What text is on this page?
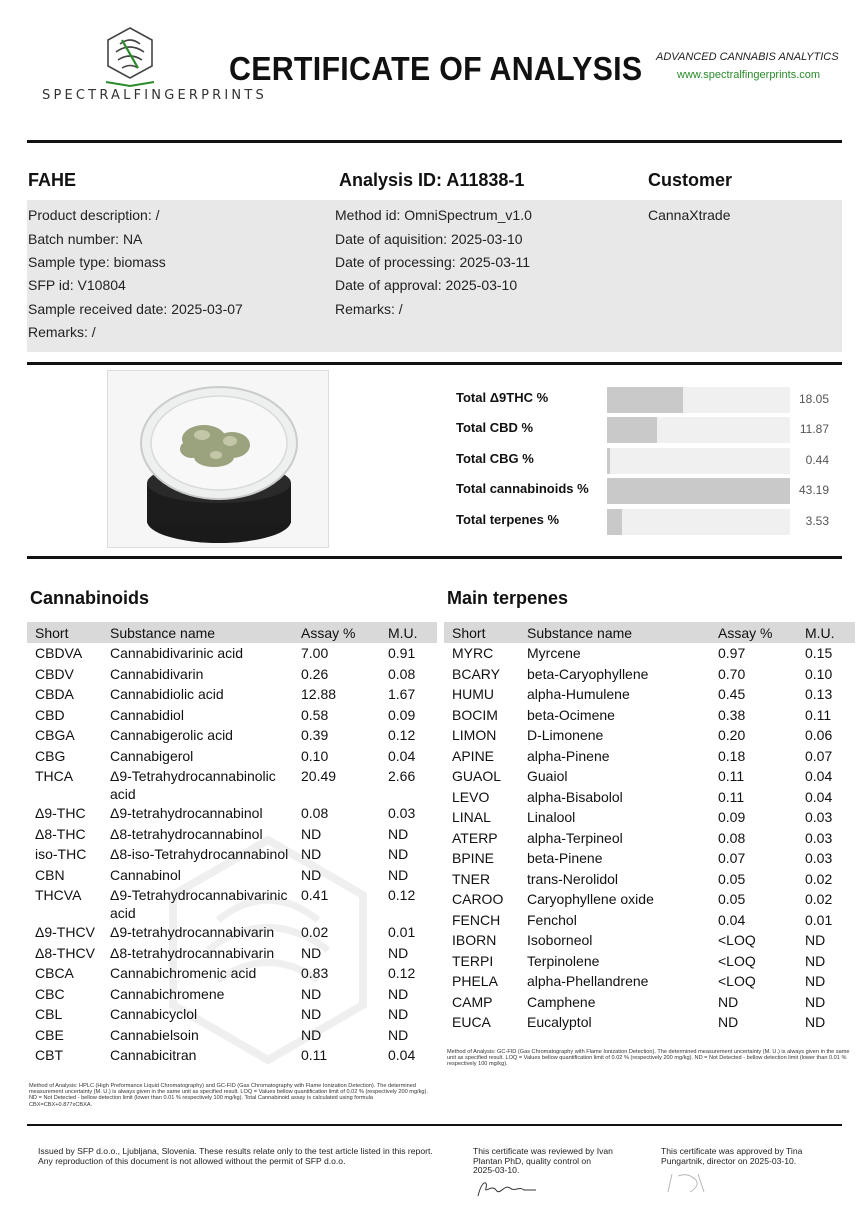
SPECTRALFINGERPRINTS
CERTIFICATE OF ANALYSIS ADVANCED CANNABIS ANALYTICS
www.spectralfingerprints.com
FAHE	Analysis ID: A11838-1	Customer
Product description: /
Batch number: NA
Sample type: biomass
SFP id: V10804
Sample received date: 2025-03-07
Remarks: /
Method id: OmniSpectrum_v1.0
Date of aquisition: 2025-03-10
Date of processing: 2025-03-11
Date of approval: 2025-03-10
Remarks: /
CannaXtrade
Total Δ9THC %	18.05
Total CBD %	11.87
Total CBG %	0.44
Total cannabinoids %	43.19
Total terpenes %	3.53
Cannabinoids
Short	Substance name	Assay %	M.U.
CBDVA	Cannabidivarinic acid	7.00	0.91
CBDV	Cannabidivarin	0.26	0.08
CBDA	Cannabidiolic acid	12.88	1.67
CBD	Cannabidiol	0.58	0.09
CBGA	Cannabigerolic acid	0.39	0.12
CBG	Cannabigerol	0.10	0.04
THCA	Δ9-Tetrahydrocannabinolic acid	20.49	2.66
Δ9-THC	Δ9-tetrahydrocannabinol	0.08	0.03
Δ8-THC	Δ8-tetrahydrocannabinol	ND	ND
iso-THC	Δ8-iso-Tetrahydrocannabinol	ND	ND
CBN	Cannabinol	ND	ND
THCVA	Δ9-Tetrahydrocannabivarinic acid	0.41	0.12
Δ9-THCV	Δ9-tetrahydrocannabivarin	0.02	0.01
Δ8-THCV	Δ8-tetrahydrocannabivarin	ND	ND
CBCA	Cannabichromenic acid	0.83	0.12
CBC	Cannabichromene	ND	ND
CBL	Cannabicyclol	ND	ND
CBE	Cannabielsoin	ND	ND
CBT	Cannabicitran	0.11	0.04
Method of Analysis: HPLC (High Preformance Liquid Chromatography) and GC-FID (Gas Chromatography with Flame Ionization Detection). The determined measurement uncertainty (M. U.) is always given in the same unit as specified result. LOQ = Values bellow quantification limit of 0.02 % (respectively 200 mg/kg). ND = Not Detected - bellow detection limit (lower than 0.01 % respectively 100 mg/kg). Total Cannabinoid assay is calculated using formula CBX=CBX+0.877xCBXA.
Main terpenes
Short	Substance name	Assay %	M.U.
MYRC	Myrcene	0.97	0.15
BCARY	beta-Caryophyllene	0.70	0.10
HUMU	alpha-Humulene	0.45	0.13
BOCIM	beta-Ocimene	0.38	0.11
LIMON	D-Limonene	0.20	0.06
APINE	alpha-Pinene	0.18	0.07
GUAOL	Guaiol	0.11	0.04
LEVO	alpha-Bisabolol	0.11	0.04
LINAL	Linalool	0.09	0.03
ATERP	alpha-Terpineol	0.08	0.03
BPINE	beta-Pinene	0.07	0.03
TNER	trans-Nerolidol	0.05	0.02
CAROO	Caryophyllene oxide	0.05	0.02
FENCH	Fenchol	0.04	0.01
IBORN	Isoborneol	<LOQ	ND
TERPI	Terpinolene	<LOQ	ND
PHELA	alpha-Phellandrene	<LOQ	ND
CAMP	Camphene	ND	ND
EUCA	Eucalyptol	ND	ND
Method of Analysis: GC-FID (Gas Chromatography with Flame Ionization Detection). The determined measurement uncertainty (M. U.) is always given in the same unit as specified result. LOQ = Values bellow quantification limit of 0.02 % (respectively 200 mg/kg). ND = Not Detected - bellow detection limit (lower than 0.01 % respectively 100 mg/kg).
Issued by SFP d.o.o., Ljubljana, Slovenia. These results relate only to the test article listed in this report. Any reproduction of this document is not allowed without the permit of SFP d.o.o.
This certificate was reviewed by Ivan Plantan PhD, quality control on 2025-03-10.
This certificate was approved by Tina Pungartnik, director on 2025-03-10.
